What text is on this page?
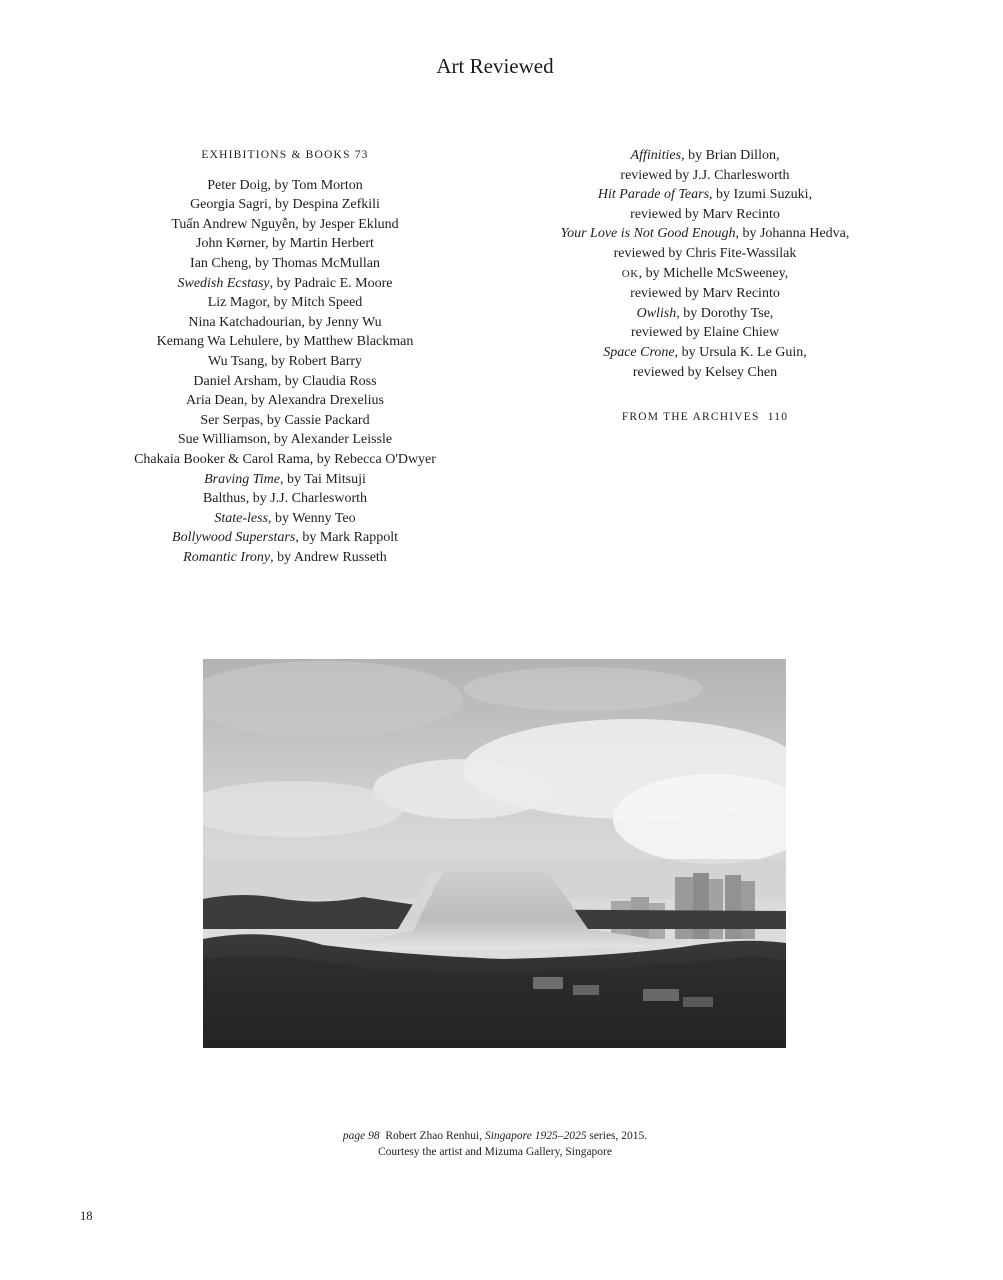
Art Reviewed
EXHIBITIONS & BOOKS 73
Peter Doig, by Tom Morton
Georgia Sagri, by Despina Zefkili
Tuấn Andrew Nguyễn, by Jesper Eklund
John Kørner, by Martin Herbert
Ian Cheng, by Thomas McMullan
Swedish Ecstasy, by Padraic E. Moore
Liz Magor, by Mitch Speed
Nina Katchadourian, by Jenny Wu
Kemang Wa Lehulere, by Matthew Blackman
Wu Tsang, by Robert Barry
Daniel Arsham, by Claudia Ross
Aria Dean, by Alexandra Drexelius
Ser Serpas, by Cassie Packard
Sue Williamson, by Alexander Leissle
Chakaia Booker & Carol Rama, by Rebecca O'Dwyer
Braving Time, by Tai Mitsuji
Balthus, by J.J. Charlesworth
State-less, by Wenny Teo
Bollywood Superstars, by Mark Rappolt
Romantic Irony, by Andrew Russeth
Affinities, by Brian Dillon,
reviewed by J.J. Charlesworth
Hit Parade of Tears, by Izumi Suzuki,
reviewed by Marv Recinto
Your Love is Not Good Enough, by Johanna Hedva,
reviewed by Chris Fite-Wassilak
OK, by Michelle McSweeney,
reviewed by Marv Recinto
Owlish, by Dorothy Tse,
reviewed by Elaine Chiew
Space Crone, by Ursula K. Le Guin,
reviewed by Kelsey Chen
FROM THE ARCHIVES 110
page 98 Robert Zhao Renhui, Singapore 1925–2025 series, 2015.
Courtesy the artist and Mizuma Gallery, Singapore
18
